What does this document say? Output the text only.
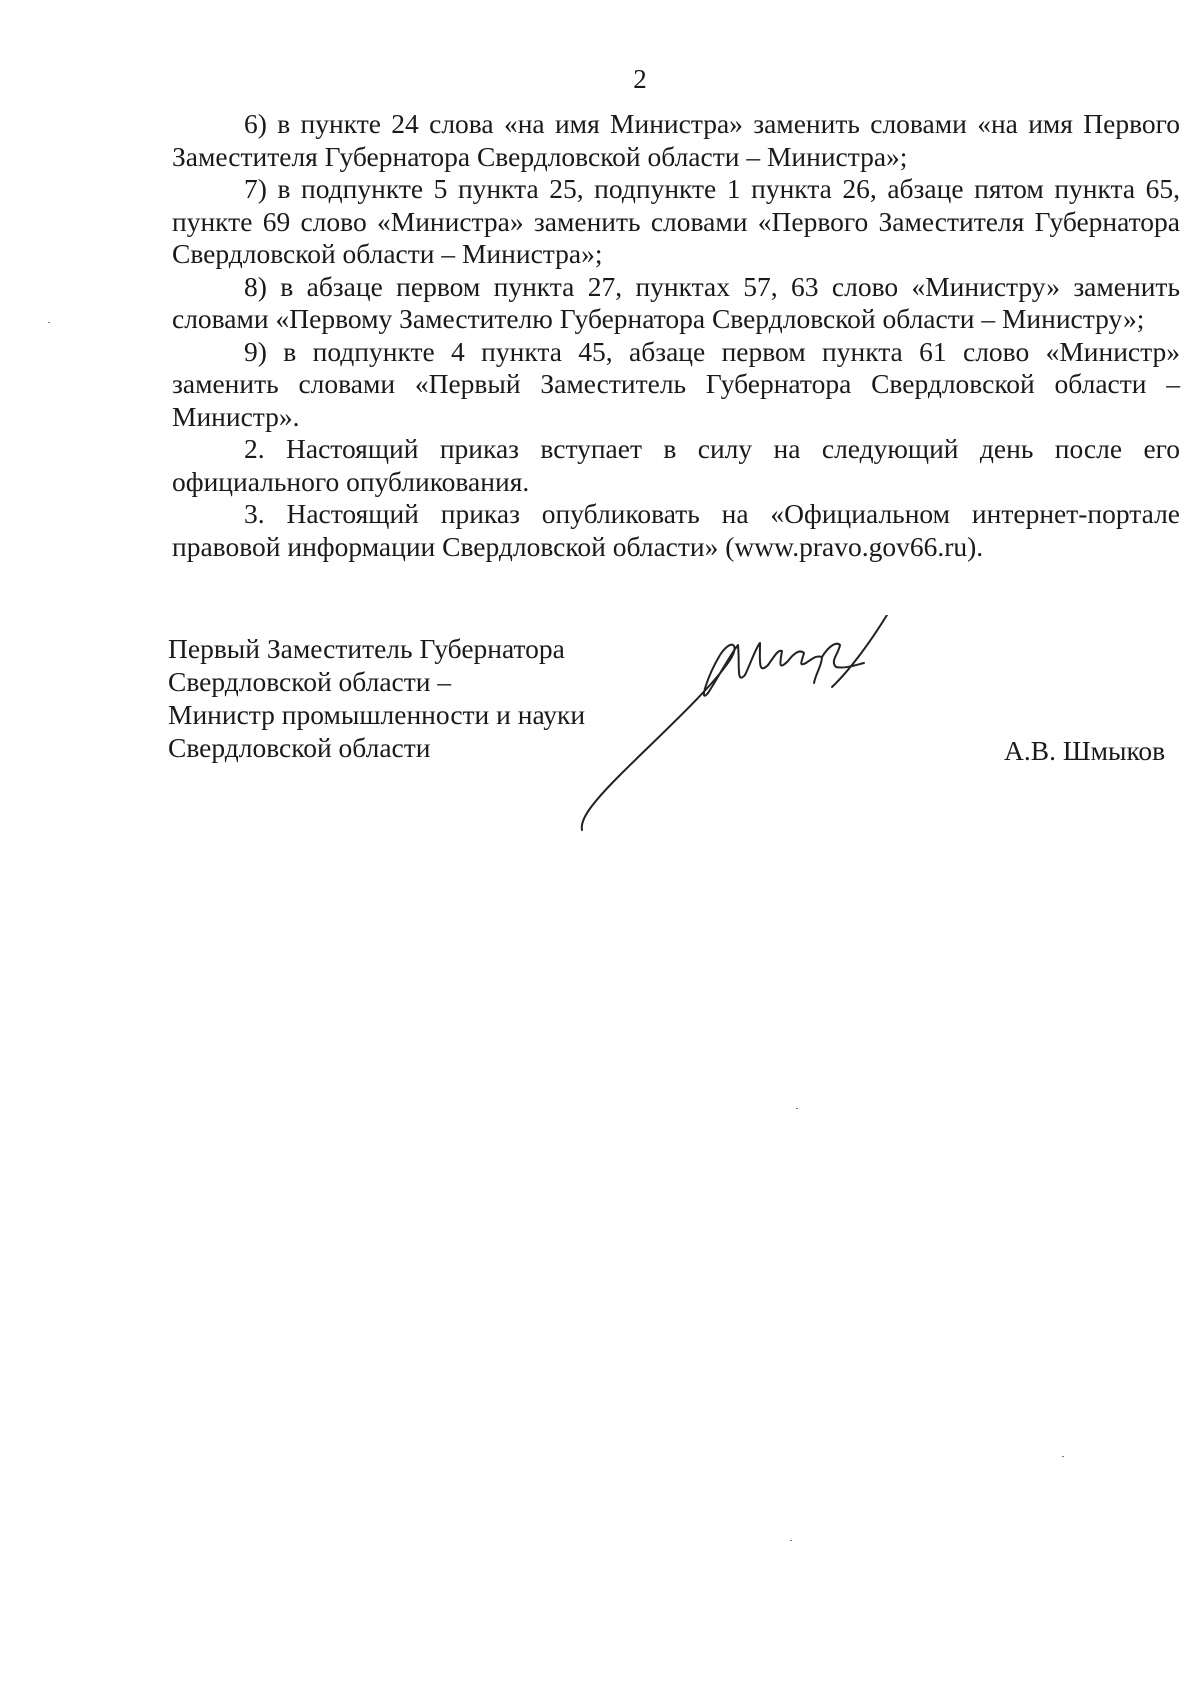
2

6) в пункте 24 слова «на имя Министра» заменить словами «на имя Первого Заместителя Губернатора Свердловской области – Министра»;

7) в подпункте 5 пункта 25, подпункте 1 пункта 26, абзаце пятом пункта 65, пункте 69 слово «Министра» заменить словами «Первого Заместителя Губернатора Свердловской области – Министра»;

8) в абзаце первом пункта 27, пунктах 57, 63 слово «Министру» заменить словами «Первому Заместителю Губернатора Свердловской области – Министру»;

9) в подпункте 4 пункта 45, абзаце первом пункта 61 слово «Министр» заменить словами «Первый Заместитель Губернатора Свердловской области – Министр».

2. Настоящий приказ вступает в силу на следующий день после его официального опубликования.

3. Настоящий приказ опубликовать на «Официальном интернет-портале правовой информации Свердловской области» (www.pravo.gov66.ru).

Первый Заместитель Губернатора
Свердловской области –
Министр промышленности и науки
Свердловской области	А.В. Шмыков
